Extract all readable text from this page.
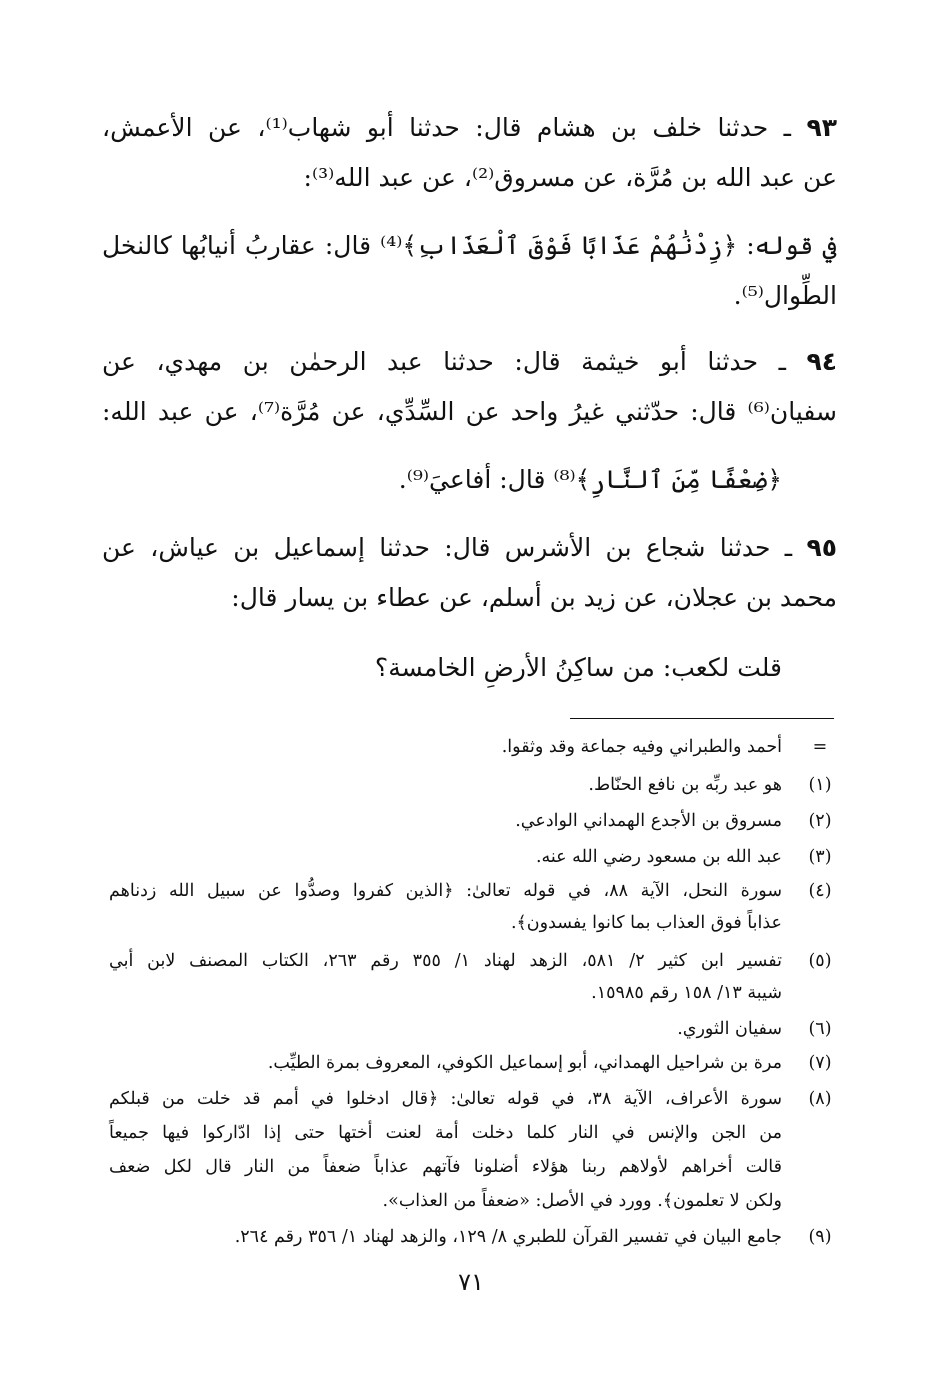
٩٣ ـ حدثنا خلف بن هشام قال: حدثنا أبو شهاب⁽¹⁾، عن الأعمش،
عن عبد الله بن مُرَّة، عن مسروق⁽²⁾، عن عبد الله⁽³⁾:
في قوله: ﴿زِدْنَٰهُمْ عَذَابًا فَوْقَ ٱلْعَذَابِ﴾⁽⁴⁾ قال: عقاربُ أنيابُها كالنخل
الطِّوال⁽⁵⁾.
٩٤ ـ حدثنا أبو خيثمة قال: حدثنا عبد الرحمٰن بن مهدي، عن
سفيان⁽⁶⁾ قال: حدّثني غيرُ واحد عن السِّدِّي، عن مُرَّة⁽⁷⁾، عن عبد الله:
﴿ضِعْفًا مِّنَ ٱلنَّارِ﴾⁽⁸⁾ قال: أفاعيَ⁽⁹⁾.
٩٥ ـ حدثنا شجاع بن الأشرس قال: حدثنا إسماعيل بن عياش، عن
محمد بن عجلان، عن زيد بن أسلم، عن عطاء بن يسار قال:
قلت لكعب: من ساكِنُ الأرضِ الخامسة؟
=
أحمد والطبراني وفيه جماعة وقد وثقوا.
(١)
هو عبد ربِّه بن نافع الحنّاط.
(٢)
مسروق بن الأجدع الهمداني الوادعي.
(٣)
عبد الله بن مسعود رضي الله عنه.
(٤)
سورة النحل، الآية ٨٨، في قوله تعالىٰ: ﴿الذين كفروا وصدُّوا عن سبيل الله زدناهم
عذاباً فوق العذاب بما كانوا يفسدون﴾.
(٥)
تفسير ابن كثير ٢/ ٥٨١، الزهد لهناد ١/ ٣٥٥ رقم ٢٦٣، الكتاب المصنف لابن أبي
شيبة ١٣/ ١٥٨ رقم ١٥٩٨٥.
(٦)
سفيان الثوري.
(٧)
مرة بن شراحيل الهمداني، أبو إسماعيل الكوفي، المعروف بمرة الطيِّب.
(٨)
سورة الأعراف، الآية ٣٨، في قوله تعالىٰ: ﴿قال ادخلوا في أمم قد خلت من قبلكم
من الجن والإنس في النار كلما دخلت أمة لعنت أختها حتى إذا ادّاركوا فيها جميعاً
قالت أخراهم لأولاهم ربنا هؤلاء أضلونا فآتهم عذاباً ضعفاً من النار قال لكل ضعف
ولكن لا تعلمون﴾. وورد في الأصل: «ضعفاً من العذاب».
(٩)
جامع البيان في تفسير القرآن للطبري ٨/ ١٢٩، والزهد لهناد ١/ ٣٥٦ رقم ٢٦٤.
٧١
